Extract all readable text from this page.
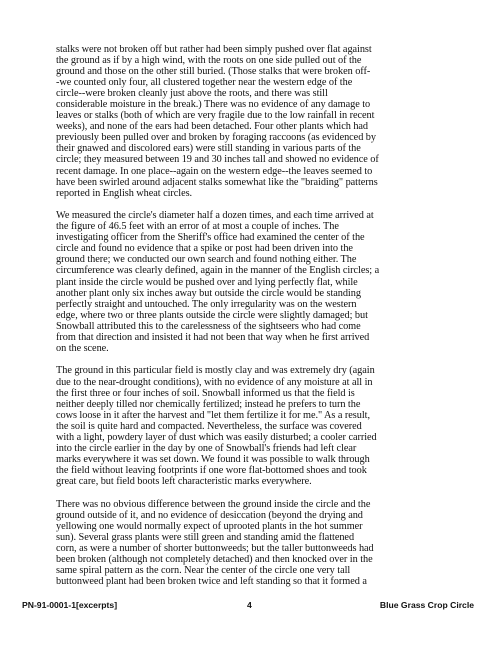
stalks were not broken off but rather had been simply pushed over flat against
the ground as if by a high wind, with the roots on one side pulled out of the
ground and those on the other still buried. (Those stalks that were broken off-
-we counted only four, all clustered together near the western edge of the
circle--were broken cleanly just above the roots, and there was still
considerable moisture in the break.) There was no evidence of any damage to
leaves or stalks (both of which are very fragile due to the low rainfall in recent
weeks), and none of the ears had been detached. Four other plants which had
previously been pulled over and broken by foraging raccoons (as evidenced by
their gnawed and discolored ears) were still standing in various parts of the
circle; they measured between 19 and 30 inches tall and showed no evidence of
recent damage. In one place--again on the western edge--the leaves seemed to
have been swirled around adjacent stalks somewhat like the "braiding" patterns
reported in English wheat circles.

We measured the circle's diameter half a dozen times, and each time arrived at
the figure of 46.5 feet with an error of at most a couple of inches. The
investigating officer from the Sheriff's office had examined the center of the
circle and found no evidence that a spike or post had been driven into the
ground there; we conducted our own search and found nothing either. The
circumference was clearly defined, again in the manner of the English circles; a
plant inside the circle would be pushed over and lying perfectly flat, while
another plant only six inches away but outside the circle would be standing
perfectly straight and untouched. The only irregularity was on the western
edge, where two or three plants outside the circle were slightly damaged; but
Snowball attributed this to the carelessness of the sightseers who had come
from that direction and insisted it had not been that way when he first arrived
on the scene.

The ground in this particular field is mostly clay and was extremely dry (again
due to the near-drought conditions), with no evidence of any moisture at all in
the first three or four inches of soil. Snowball informed us that the field is
neither deeply tilled nor chemically fertilized; instead he prefers to turn the
cows loose in it after the harvest and "let them fertilize it for me." As a result,
the soil is quite hard and compacted. Nevertheless, the surface was covered
with a light, powdery layer of dust which was easily disturbed; a cooler carried
into the circle earlier in the day by one of Snowball's friends had left clear
marks everywhere it was set down. We found it was possible to walk through
the field without leaving footprints if one wore flat-bottomed shoes and took
great care, but field boots left characteristic marks everywhere.

There was no obvious difference between the ground inside the circle and the
ground outside of it, and no evidence of desiccation (beyond the drying and
yellowing one would normally expect of uprooted plants in the hot summer
sun). Several grass plants were still green and standing amid the flattened
corn, as were a number of shorter buttonweeds; but the taller buttonweeds had
been broken (although not completely detached) and then knocked over in the
same spiral pattern as the corn. Near the center of the circle one very tall
buttonweed plant had been broken twice and left standing so that it formed a

PN-91-0001-1[excerpts]	4	Blue Grass Crop Circle
